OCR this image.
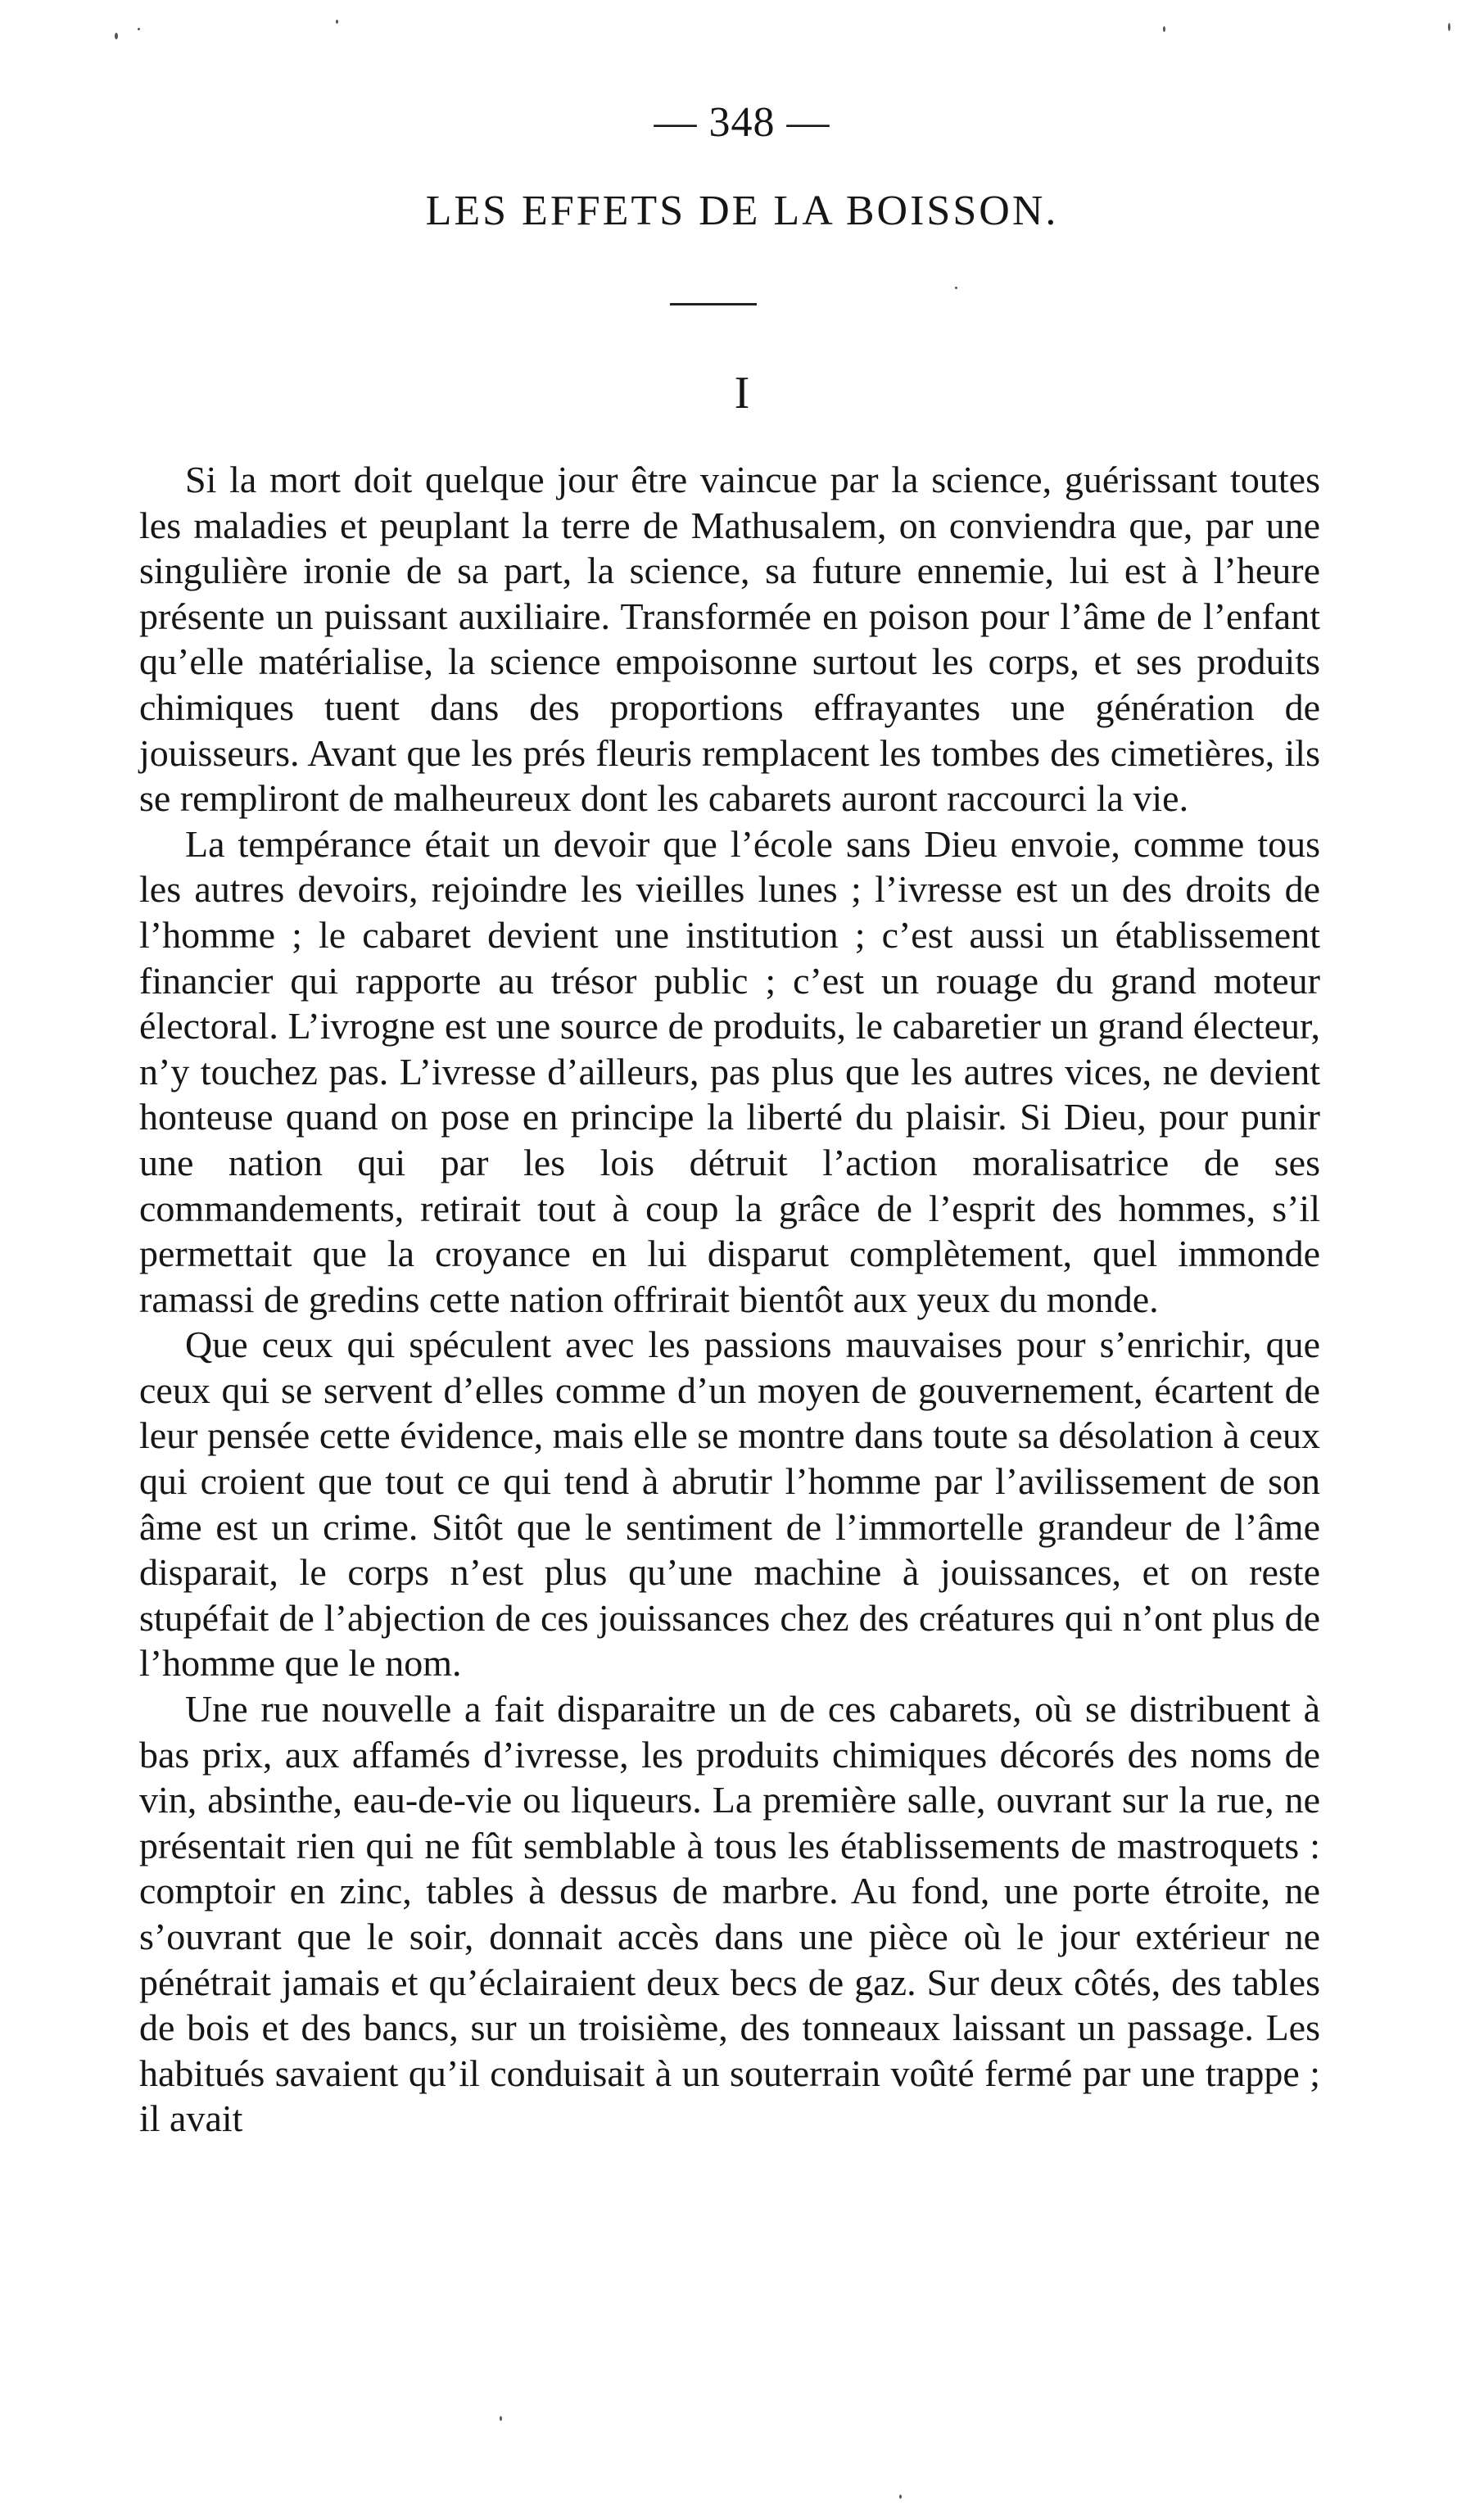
— 348 —
LES EFFETS DE LA BOISSON.
I

Si la mort doit quelque jour être vaincue par la science, guérissant toutes les maladies et peuplant la terre de Mathusalem, on conviendra que, par une singulière ironie de sa part, la science, sa future ennemie, lui est à l’heure présente un puissant auxiliaire. Transformée en poison pour l’âme de l’enfant qu’elle matérialise, la science empoisonne surtout les corps, et ses produits chimiques tuent dans des proportions effrayantes une génération de jouisseurs. Avant que les prés fleuris remplacent les tombes des cimetières, ils se rempliront de malheureux dont les cabarets auront raccourci la vie.

La tempérance était un devoir que l’école sans Dieu envoie, comme tous les autres devoirs, rejoindre les vieilles lunes ; l’ivresse est un des droits de l’homme ; le cabaret devient une institution ; c’est aussi un établissement financier qui rapporte au trésor public ; c’est un rouage du grand moteur électoral. L’ivrogne est une source de produits, le cabaretier un grand électeur, n’y touchez pas. L’ivresse d’ailleurs, pas plus que les autres vices, ne devient honteuse quand on pose en principe la liberté du plaisir. Si Dieu, pour punir une nation qui par les lois détruit l’action moralisatrice de ses commandements, retirait tout à coup la grâce de l’esprit des hommes, s’il permettait que la croyance en lui disparut complètement, quel immonde ramassi de gredins cette nation offrirait bientôt aux yeux du monde.

Que ceux qui spéculent avec les passions mauvaises pour s’enrichir, que ceux qui se servent d’elles comme d’un moyen de gouvernement, écartent de leur pensée cette évidence, mais elle se montre dans toute sa désolation à ceux qui croient que tout ce qui tend à abrutir l’homme par l’avilissement de son âme est un crime. Sitôt que le sentiment de l’immortelle grandeur de l’âme disparait, le corps n’est plus qu’une machine à jouissances, et on reste stupéfait de l’abjection de ces jouissances chez des créatures qui n’ont plus de l’homme que le nom.

Une rue nouvelle a fait disparaitre un de ces cabarets, où se distribuent à bas prix, aux affamés d’ivresse, les produits chimiques décorés des noms de vin, absinthe, eau-de-vie ou liqueurs. La première salle, ouvrant sur la rue, ne présentait rien qui ne fût semblable à tous les établissements de mastroquets : comptoir en zinc, tables à dessus de marbre. Au fond, une porte étroite, ne s’ouvrant que le soir, donnait accès dans une pièce où le jour extérieur ne pénétrait jamais et qu’éclairaient deux becs de gaz. Sur deux côtés, des tables de bois et des bancs, sur un troisième, des tonneaux laissant un passage. Les habitués savaient qu’il conduisait à un souterrain voûté fermé par une trappe ; il avait
